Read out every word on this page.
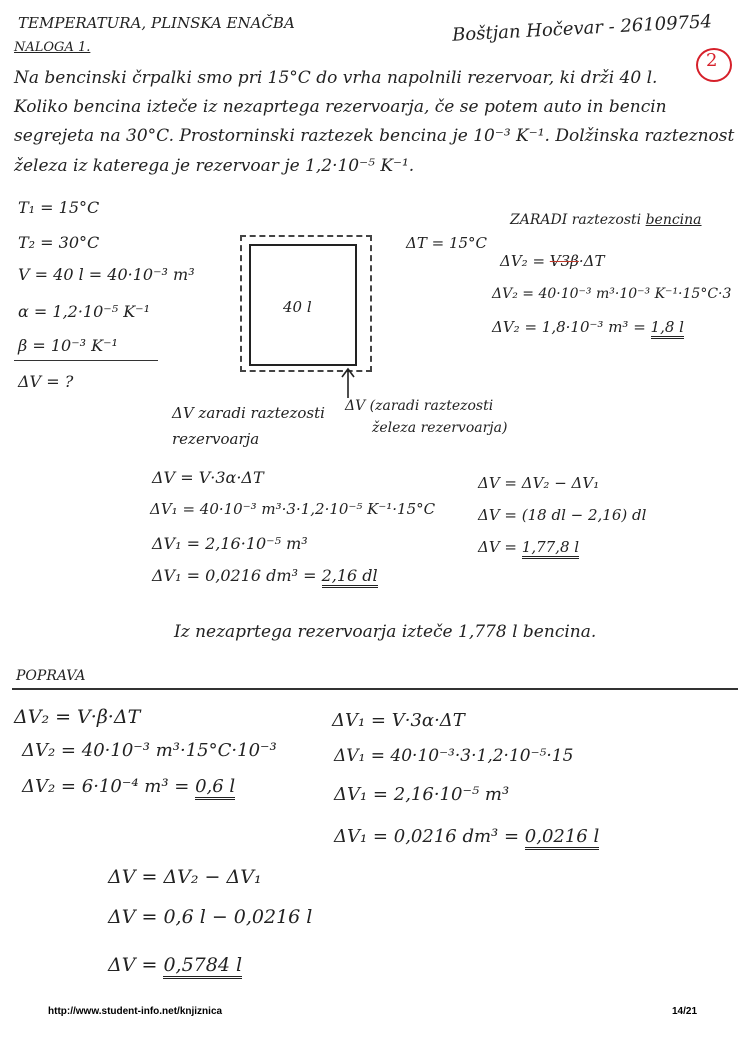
TEMPERATURA, PLINSKA ENAČBA	Boštjan Hočevar - 26109754
NALOGA 1.
2
Na bencinski črpalki smo pri 15°C do vrha napolnili rezervoar, ki drži 40 l.
Koliko bencina izteče iz nezaprtega rezervoarja, če se potem auto in bencin
segrejeta na 30°C. Prostorninski raztezek bencina je 10⁻³ K⁻¹. Dolžinska razteznost
železa iz katerega je rezervoar je 1,2·10⁻⁵ K⁻¹.
T₁ = 15°C
T₂ = 30°C
V = 40 l = 40·10⁻³ m³
α = 1,2·10⁻⁵ K⁻¹
β = 10⁻³ K⁻¹
ΔV = ?
40 l
ΔT = 15°C
ΔV (zaradi raztezosti
železa rezervoarja)
ZARADI raztezosti bencina
ΔV₂ = V3β·ΔT
ΔV₂ = 40·10⁻³ m³·10⁻³ K⁻¹·15°C·3
ΔV₂ = 1,8·10⁻³ m³ = 1,8 l
ΔV zaradi raztezosti
rezervoarja
ΔV = V·3α·ΔT
ΔV₁ = 40·10⁻³ m³·3·1,2·10⁻⁵ K⁻¹·15°C
ΔV₁ = 2,16·10⁻⁵ m³
ΔV₁ = 0,0216 dm³ = 2,16 dl
ΔV = ΔV₂ − ΔV₁
ΔV = (18 dl − 2,16) dl
ΔV = 1,77,8 l
Iz nezaprtega rezervoarja izteče 1,778 l bencina.
POPRAVA
ΔV₂ = V·β·ΔT
ΔV₂ = 40·10⁻³ m³·15°C·10⁻³
ΔV₂ = 6·10⁻⁴ m³ = 0,6 l
ΔV₁ = V·3α·ΔT
ΔV₁ = 40·10⁻³·3·1,2·10⁻⁵·15
ΔV₁ = 2,16·10⁻⁵ m³
ΔV₁ = 0,0216 dm³ = 0,0216 l
ΔV = ΔV₂ − ΔV₁
ΔV = 0,6 l − 0,0216 l
ΔV = 0,5784 l
http://www.student-info.net/knjiznica	14/21
